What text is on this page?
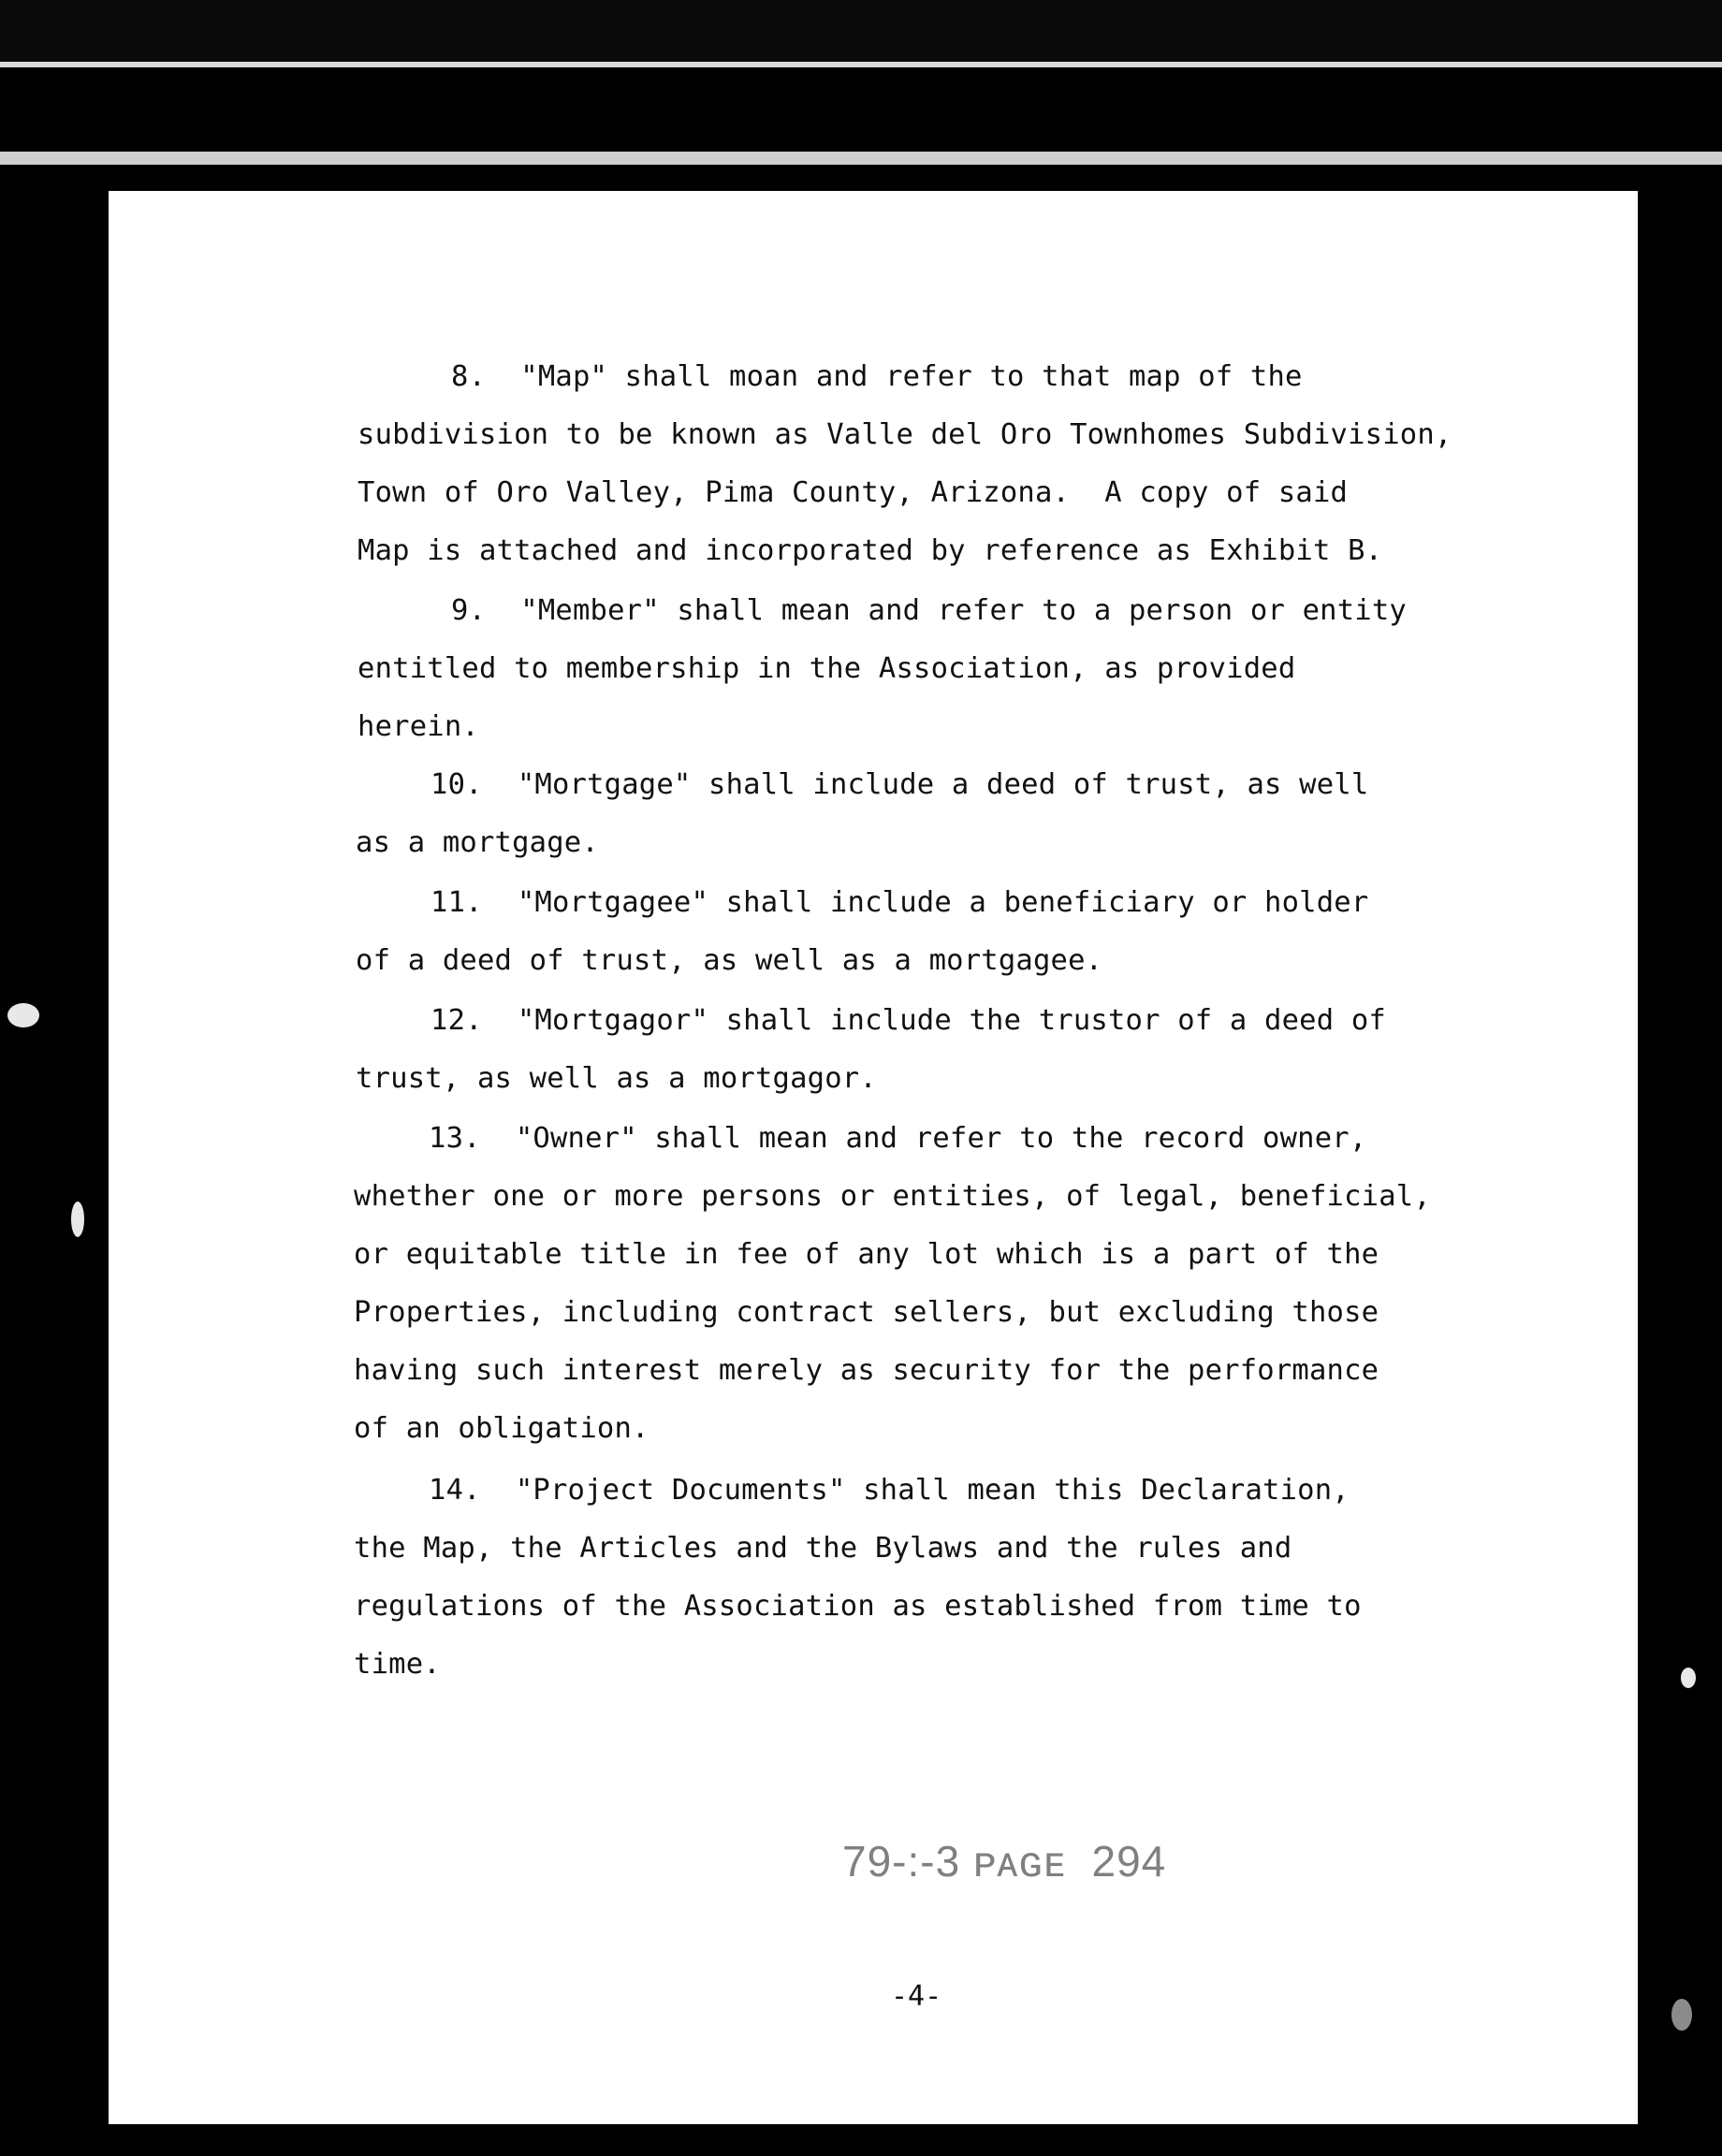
8.  "Map" shall moan and refer to that map of the
subdivision to be known as Valle del Oro Townhomes Subdivision,
Town of Oro Valley, Pima County, Arizona.  A copy of said
Map is attached and incorporated by reference as Exhibit B.
9.  "Member" shall mean and refer to a person or entity
entitled to membership in the Association, as provided
herein.
10.  "Mortgage" shall include a deed of trust, as well
as a mortgage.
11.  "Mortgagee" shall include a beneficiary or holder
of a deed of trust, as well as a mortgagee.
12.  "Mortgagor" shall include the trustor of a deed of
trust, as well as a mortgagor.
13.  "Owner" shall mean and refer to the record owner,
whether one or more persons or entities, of legal, beneficial,
or equitable title in fee of any lot which is a part of the
Properties, including contract sellers, but excluding those
having such interest merely as security for the performance
of an obligation.
14.  "Project Documents" shall mean this Declaration,
the Map, the Articles and the Bylaws and the rules and
regulations of the Association as established from time to
time.
79-:-3 ᴘᴀɢᴇ  294
-4-
